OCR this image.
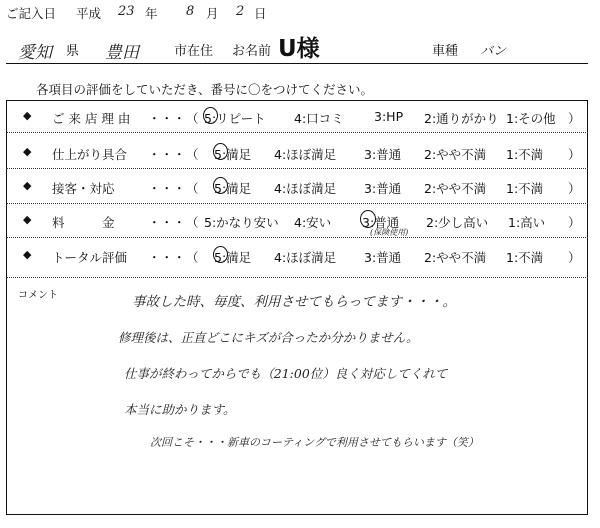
ご記入日 平成 23 年 8 月 2 日
愛知 県 豊田	市在住 お名前 U様	車種 バン
各項目の評価をしていただき、番号に〇をつけてください。
◆ ご 来 店 理 由 ・・・ （ 5:リピート 4:口コミ 3:HP 2:通りがかり 1:その他 ）
◆ 仕上がり具合 ・・・ （ 5:満足 4:ほぼ満足 3:普通 2:やや不満 1:不満 ）
◆ 接客・対応	・・・ （ 5:満足 4:ほぼ満足 3:普通 2:やや不満 1:不満 ）
◆ 料　　　金	・・・ （ 5:かなり安い 4:安い 3:普通 2:少し高い 1:高い ）
(保険使用)
◆ トータル評価 ・・・ （ 5:満足 4:ほぼ満足 3:普通 2:やや不満 1:不満 ）
コメント	事故した時、毎度、利用させてもらってます・・・。
修理後は、正直どこにキズが合ったか分かりません。
仕事が終わってからでも（21:00位）良く対応してくれて
本当に助かります。
次回こそ・・・新車のコーティングで利用させてもらいます（笑）
